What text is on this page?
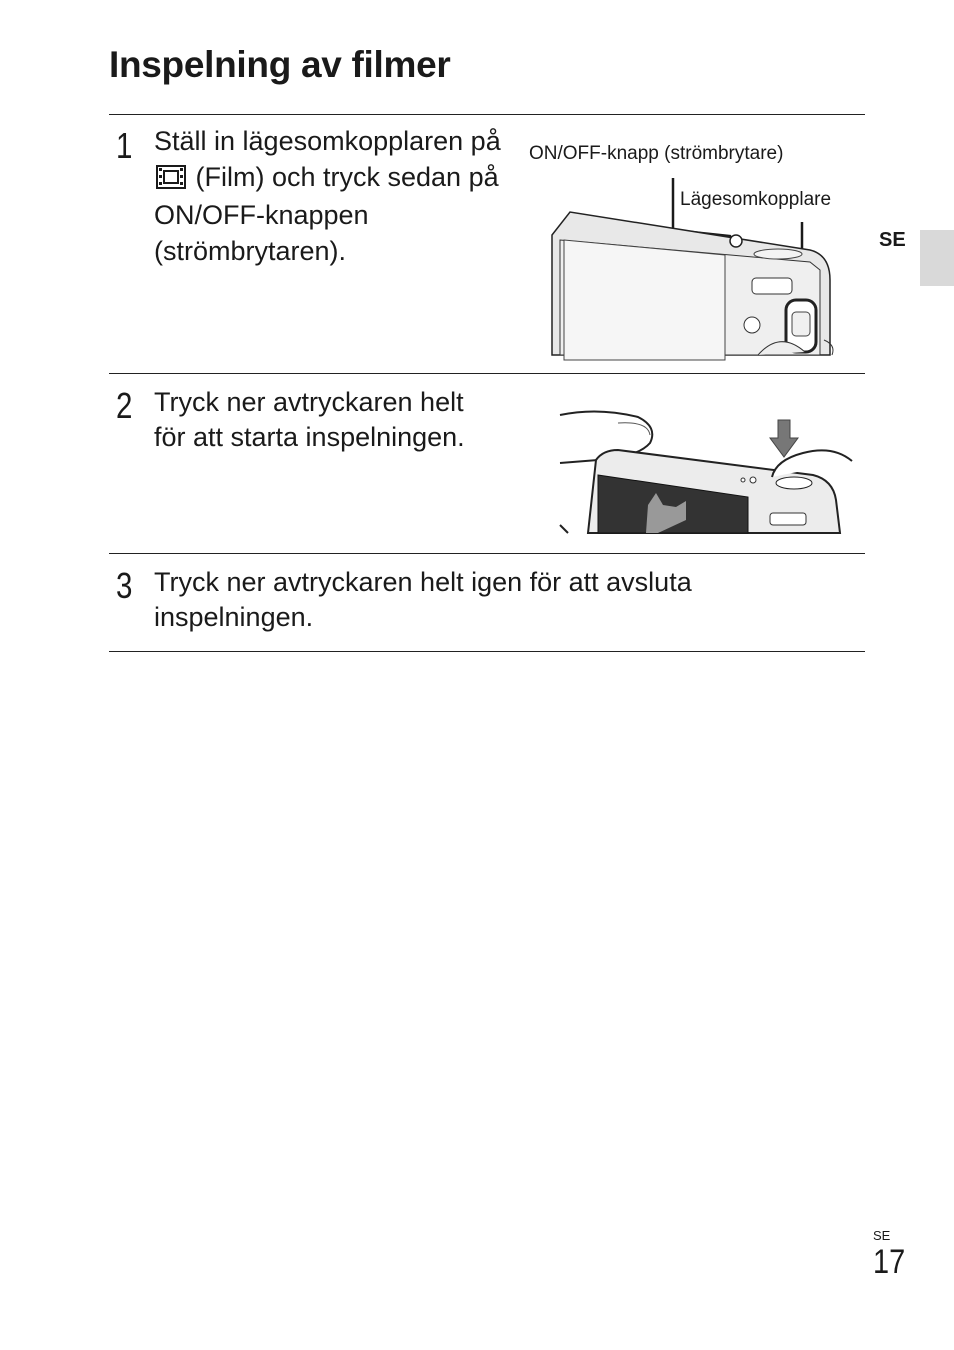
Inspelning av filmer
SE
1 Ställ in lägesomkopplaren på  (Film) och tryck sedan på ON/OFF-knappen (strömbrytaren).
ON/OFF-knapp (strömbrytare)
Lägesomkopplare
2 Tryck ner avtryckaren helt
för att starta inspelningen.
3 Tryck ner avtryckaren helt igen för att avsluta
inspelningen.
SE
17
